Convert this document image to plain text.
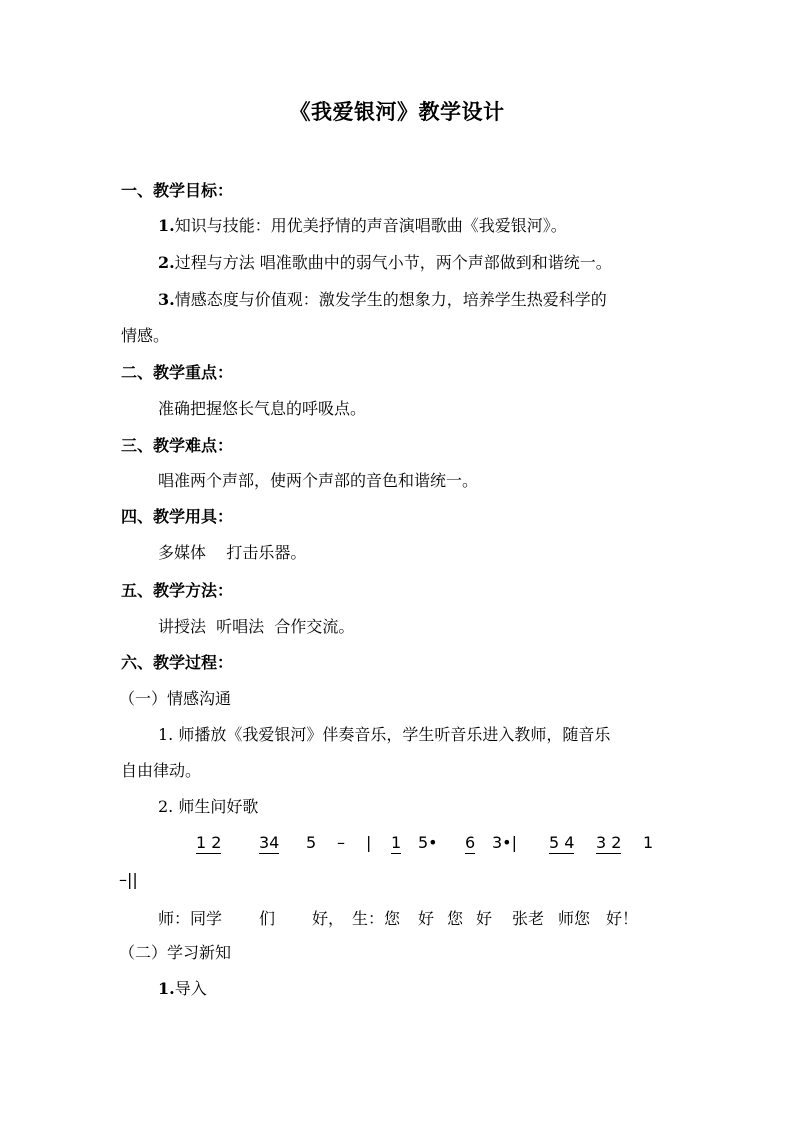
《我爱银河》教学设计
一、教学目标：
1.知识与技能：用优美抒情的声音演唱歌曲《我爱银河》。
2.过程与方法 唱准歌曲中的弱气小节，两个声部做到和谐统一。
3.情感态度与价值观：激发学生的想象力，培养学生热爱科学的
情感。
二、教学重点：
准确把握悠长气息的呼吸点。
三、教学难点：
唱准两个声部，使两个声部的音色和谐统一。
四、教学用具：
多媒体    打击乐器。
五、教学方法：
讲授法  听唱法  合作交流。
六、教学过程：
（一）情感沟通
1. 师播放《我爱银河》伴奏音乐，学生听音乐进入教师，随音乐
自由律动。
2. 师生问好歌
1 2 34 5 – | 1 5• 6 3•| 5 4 3 2 1
–||
师：同学 们 好， 生：您 好 您 好 张老 师您 好！
（二）学习新知
1.导入
